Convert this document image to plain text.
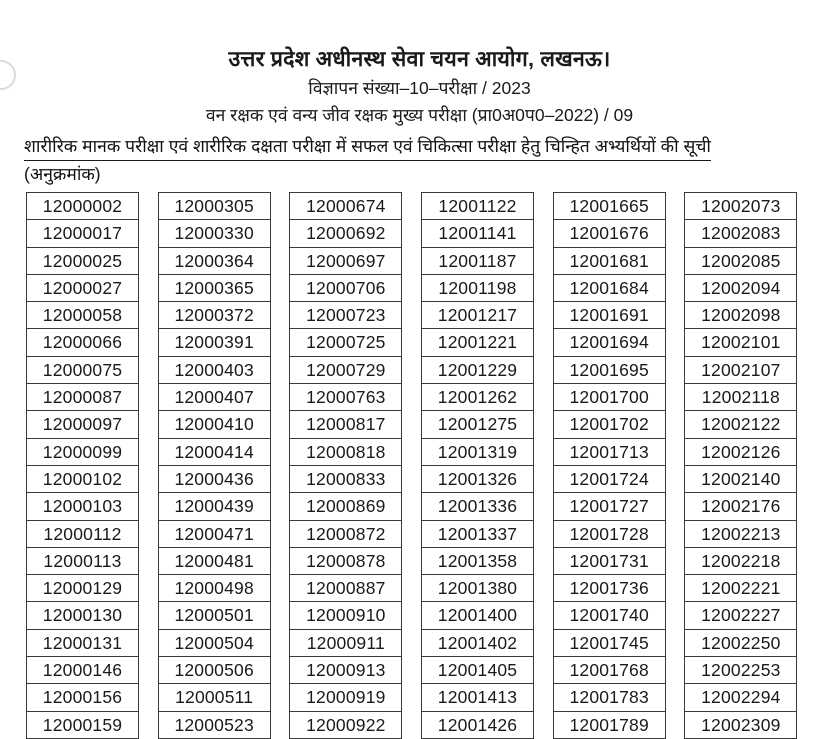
उत्तर प्रदेश अधीनस्थ सेवा चयन आयोग, लखनऊ।
विज्ञापन संख्या–10–परीक्षा / 2023
वन रक्षक एवं वन्य जीव रक्षक मुख्य परीक्षा (प्रा0अ0प0–2022) / 09
शारीरिक मानक परीक्षा एवं शारीरिक दक्षता परीक्षा में सफल एवं चिकित्सा परीक्षा हेतु चिन्हित अभ्यर्थियों की सूची
(अनुक्रमांक)
12000002
12000017
12000025
12000027
12000058
12000066
12000075
12000087
12000097
12000099
12000102
12000103
12000112
12000113
12000129
12000130
12000131
12000146
12000156
12000159
12000305
12000330
12000364
12000365
12000372
12000391
12000403
12000407
12000410
12000414
12000436
12000439
12000471
12000481
12000498
12000501
12000504
12000506
12000511
12000523
12000674
12000692
12000697
12000706
12000723
12000725
12000729
12000763
12000817
12000818
12000833
12000869
12000872
12000878
12000887
12000910
12000911
12000913
12000919
12000922
12001122
12001141
12001187
12001198
12001217
12001221
12001229
12001262
12001275
12001319
12001326
12001336
12001337
12001358
12001380
12001400
12001402
12001405
12001413
12001426
12001665
12001676
12001681
12001684
12001691
12001694
12001695
12001700
12001702
12001713
12001724
12001727
12001728
12001731
12001736
12001740
12001745
12001768
12001783
12001789
12002073
12002083
12002085
12002094
12002098
12002101
12002107
12002118
12002122
12002126
12002140
12002176
12002213
12002218
12002221
12002227
12002250
12002253
12002294
12002309
